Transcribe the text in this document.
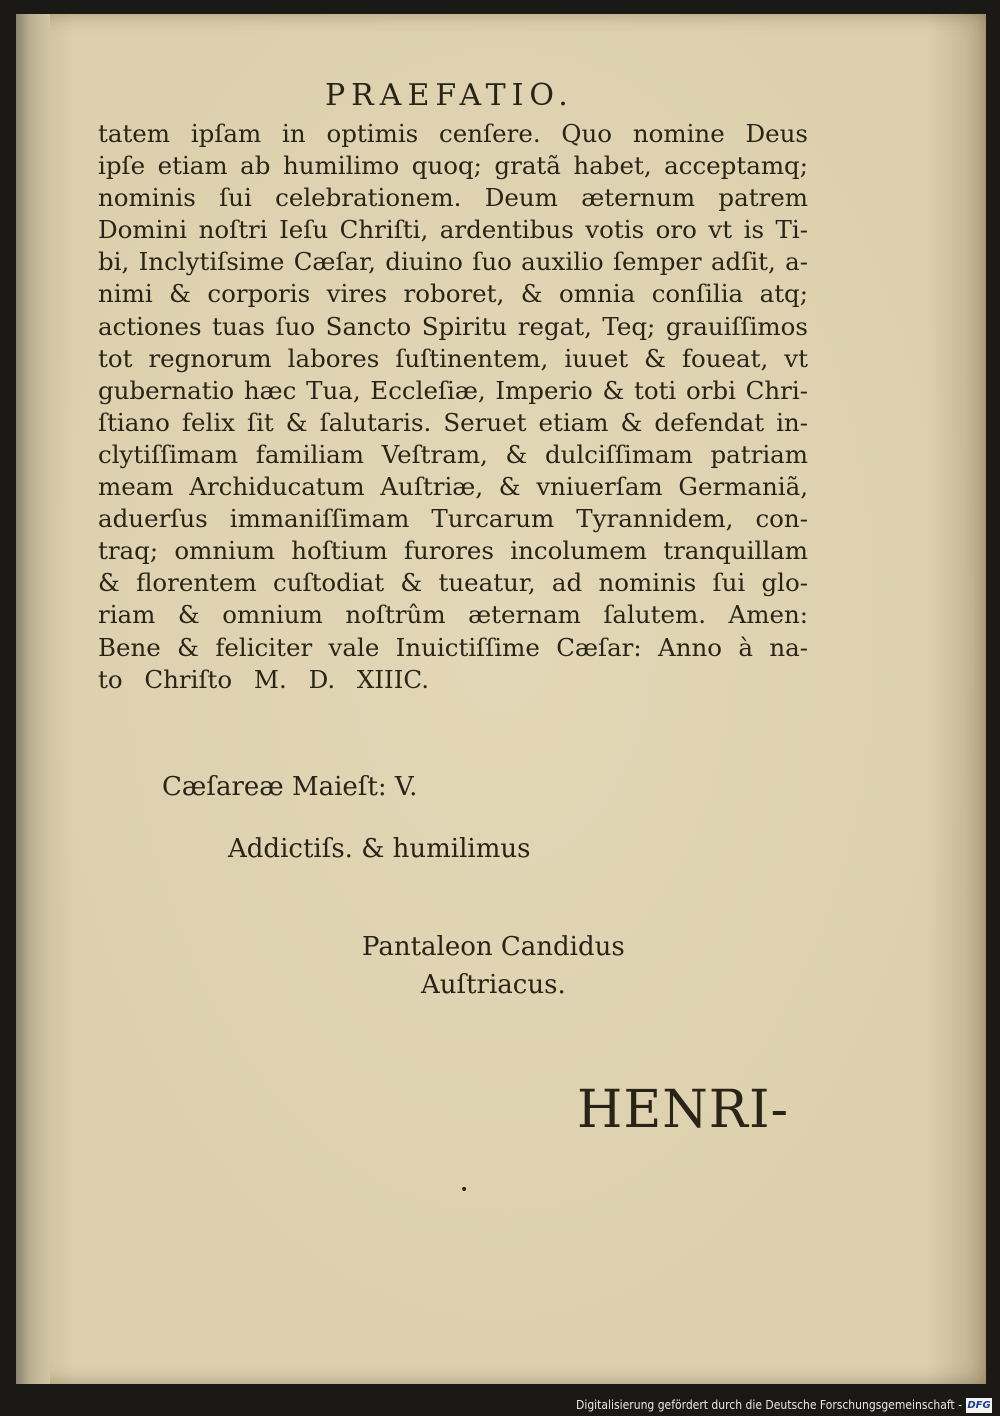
PRAEFATIO.
tatem ipſam in optimis cenſere. Quo nomine Deus
ipſe etiam ab humilimo quoq; gratã habet, acceptamq;
nominis ſui celebrationem. Deum æternum patrem
Domini noſtri Ieſu Chriſti, ardentibus votis oro vt is Ti-
bi, Inclytiſsime Cæſar, diuino ſuo auxilio ſemper adſit, a-
nimi & corporis vires roboret, & omnia conſilia atq;
actiones tuas ſuo Sancto Spiritu regat, Teq; grauiſſimos
tot regnorum labores ſuſtinentem, iuuet & foueat, vt
gubernatio hæc Tua, Eccleſiæ, Imperio & toti orbi Chri-
ſtiano felix ſit & ſalutaris. Seruet etiam & defendat in-
clytiſſimam familiam Veſtram, & dulciſſimam patriam
meam Archiducatum Auſtriæ, & vniuerſam Germaniã,
aduerſus immaniſſimam Turcarum Tyrannidem, con-
traq; omnium hoſtium furores incolumem tranquillam
& florentem cuſtodiat & tueatur, ad nominis ſui glo-
riam & omnium noſtrûm æternam ſalutem. Amen:
Bene & feliciter vale Inuictiſſime Cæſar: Anno à na-
to Chriſto M. D. XIIIC.
Cæſareæ Maieſt: V.
Addictiſs. & humilimus
Pantaleon Candidus
Auſtriacus.
HENRI-
•
Digitalisierung gefördert durch die Deutsche Forschungsgemeinschaft - DFG
